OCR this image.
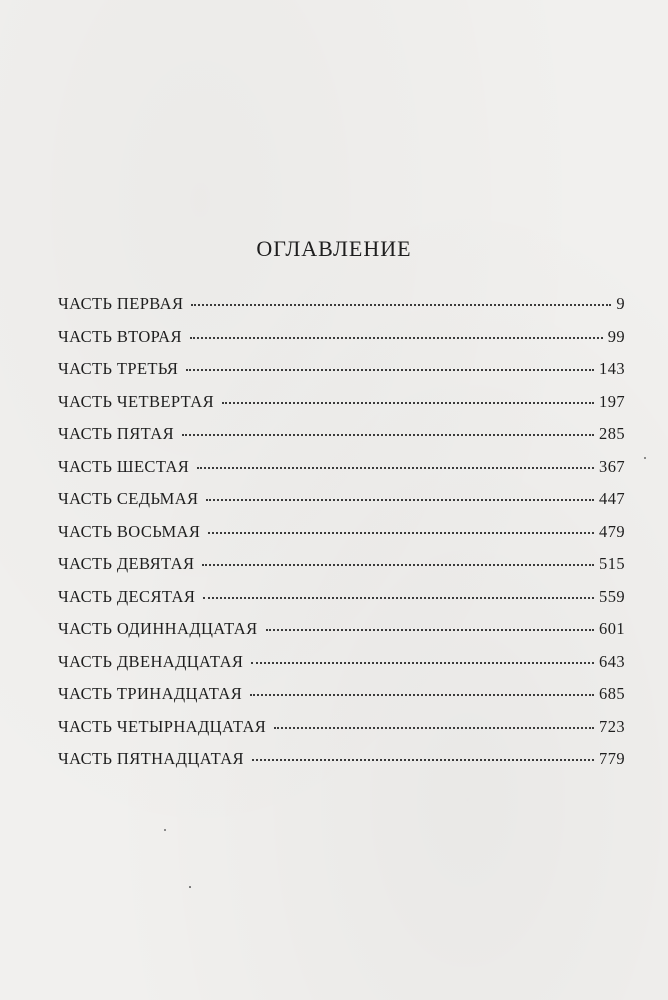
ОГЛАВЛЕНИЕ
ЧАСТЬ ПЕРВАЯ	9
ЧАСТЬ ВТОРАЯ	99
ЧАСТЬ ТРЕТЬЯ	143
ЧАСТЬ ЧЕТВЕРТАЯ	197
ЧАСТЬ ПЯТАЯ	285
ЧАСТЬ ШЕСТАЯ	367
ЧАСТЬ СЕДЬМАЯ	447
ЧАСТЬ ВОСЬМАЯ	479
ЧАСТЬ ДЕВЯТАЯ	515
ЧАСТЬ ДЕСЯТАЯ	559
ЧАСТЬ ОДИННАДЦАТАЯ	601
ЧАСТЬ ДВЕНАДЦАТАЯ	643
ЧАСТЬ ТРИНАДЦАТАЯ	685
ЧАСТЬ ЧЕТЫРНАДЦАТАЯ	723
ЧАСТЬ ПЯТНАДЦАТАЯ	779
